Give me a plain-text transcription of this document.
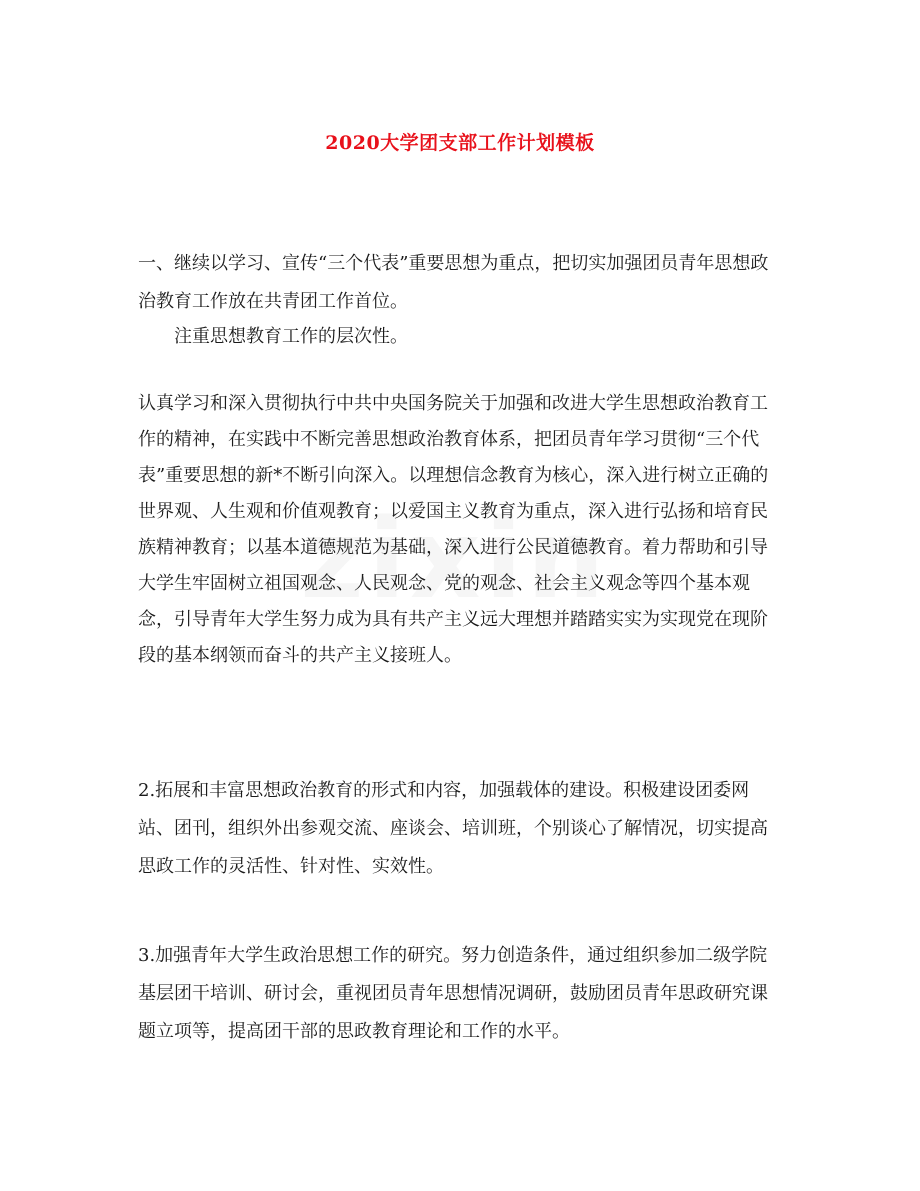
2020大学团支部工作计划模板

一、继续以学习、宣传“三个代表”重要思想为重点，把切实加强团员青年思想政治教育工作放在共青团工作首位。

注重思想教育工作的层次性。

认真学习和深入贯彻执行中共中央国务院关于加强和改进大学生思想政治教育工作的精神，在实践中不断完善思想政治教育体系，把团员青年学习贯彻“三个代表”重要思想的新*不断引向深入。以理想信念教育为核心，深入进行树立正确的世界观、人生观和价值观教育；以爱国主义教育为重点，深入进行弘扬和培育民族精神教育；以基本道德规范为基础，深入进行公民道德教育。着力帮助和引导大学生牢固树立祖国观念、人民观念、党的观念、社会主义观念等四个基本观念，引导青年大学生努力成为具有共产主义远大理想并踏踏实实为实现党在现阶段的基本纲领而奋斗的共产主义接班人。

2.拓展和丰富思想政治教育的形式和内容，加强载体的建设。积极建设团委网站、团刊，组织外出参观交流、座谈会、培训班，个别谈心了解情况，切实提高思政工作的灵活性、针对性、实效性。

3.加强青年大学生政治思想工作的研究。努力创造条件，通过组织参加二级学院基层团干培训、研讨会，重视团员青年思想情况调研，鼓励团员青年思政研究课题立项等，提高团干部的思政教育理论和工作的水平。
